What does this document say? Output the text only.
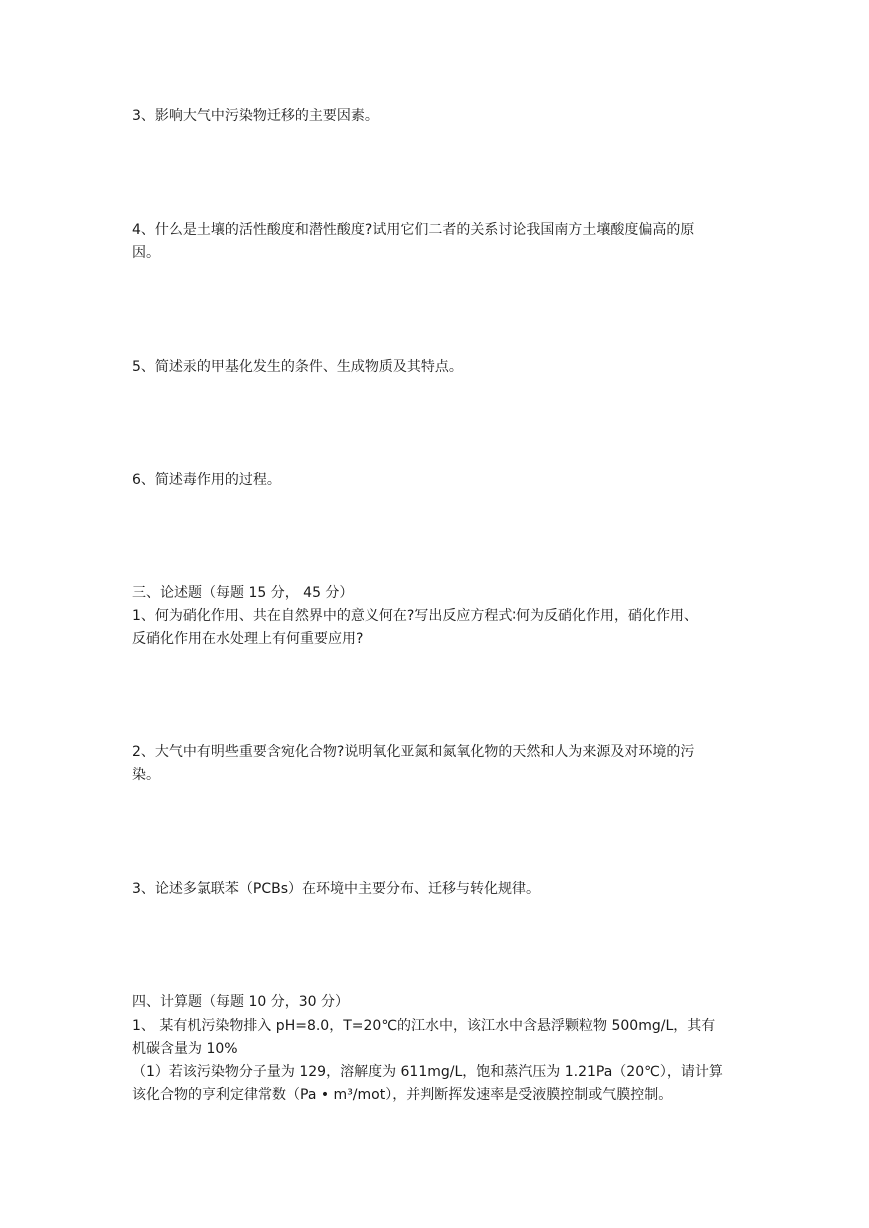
3、影响大气中污染物迁移的主要因素。
4、什么是土壤的活性酸度和潜性酸度?试用它们二者的关系讨论我国南方土壤酸度偏高的原
因。
5、简述汞的甲基化发生的条件、生成物质及其特点。
6、简述毒作用的过程。
三、论述题（每题 15 分， 45 分）
1、何为硝化作用、共在自然界中的意义何在?写出反应方程式∶何为反硝化作用，硝化作用、
反硝化作用在水处理上有何重要应用?
2、大气中有明些重要含宛化合物?说明氧化亚氮和氮氧化物的天然和人为来源及对环境的污
染。
3、论述多氯联苯（PCBs）在环境中主要分布、迁移与转化规律。
四、计算题（每题 10 分，30 分）
1、 某有机污染物排入 pH=8.0，T=20℃的江水中，该江水中含悬浮颗粒物 500mg/L，其有
机碳含量为 10%
（1）若该污染物分子量为 129，溶解度为 611mg/L，饱和蒸汽压为 1.21Pa（20℃），请计算
该化合物的亨利定律常数（Pa • m³/mot），并判断挥发速率是受液膜控制或气膜控制。
